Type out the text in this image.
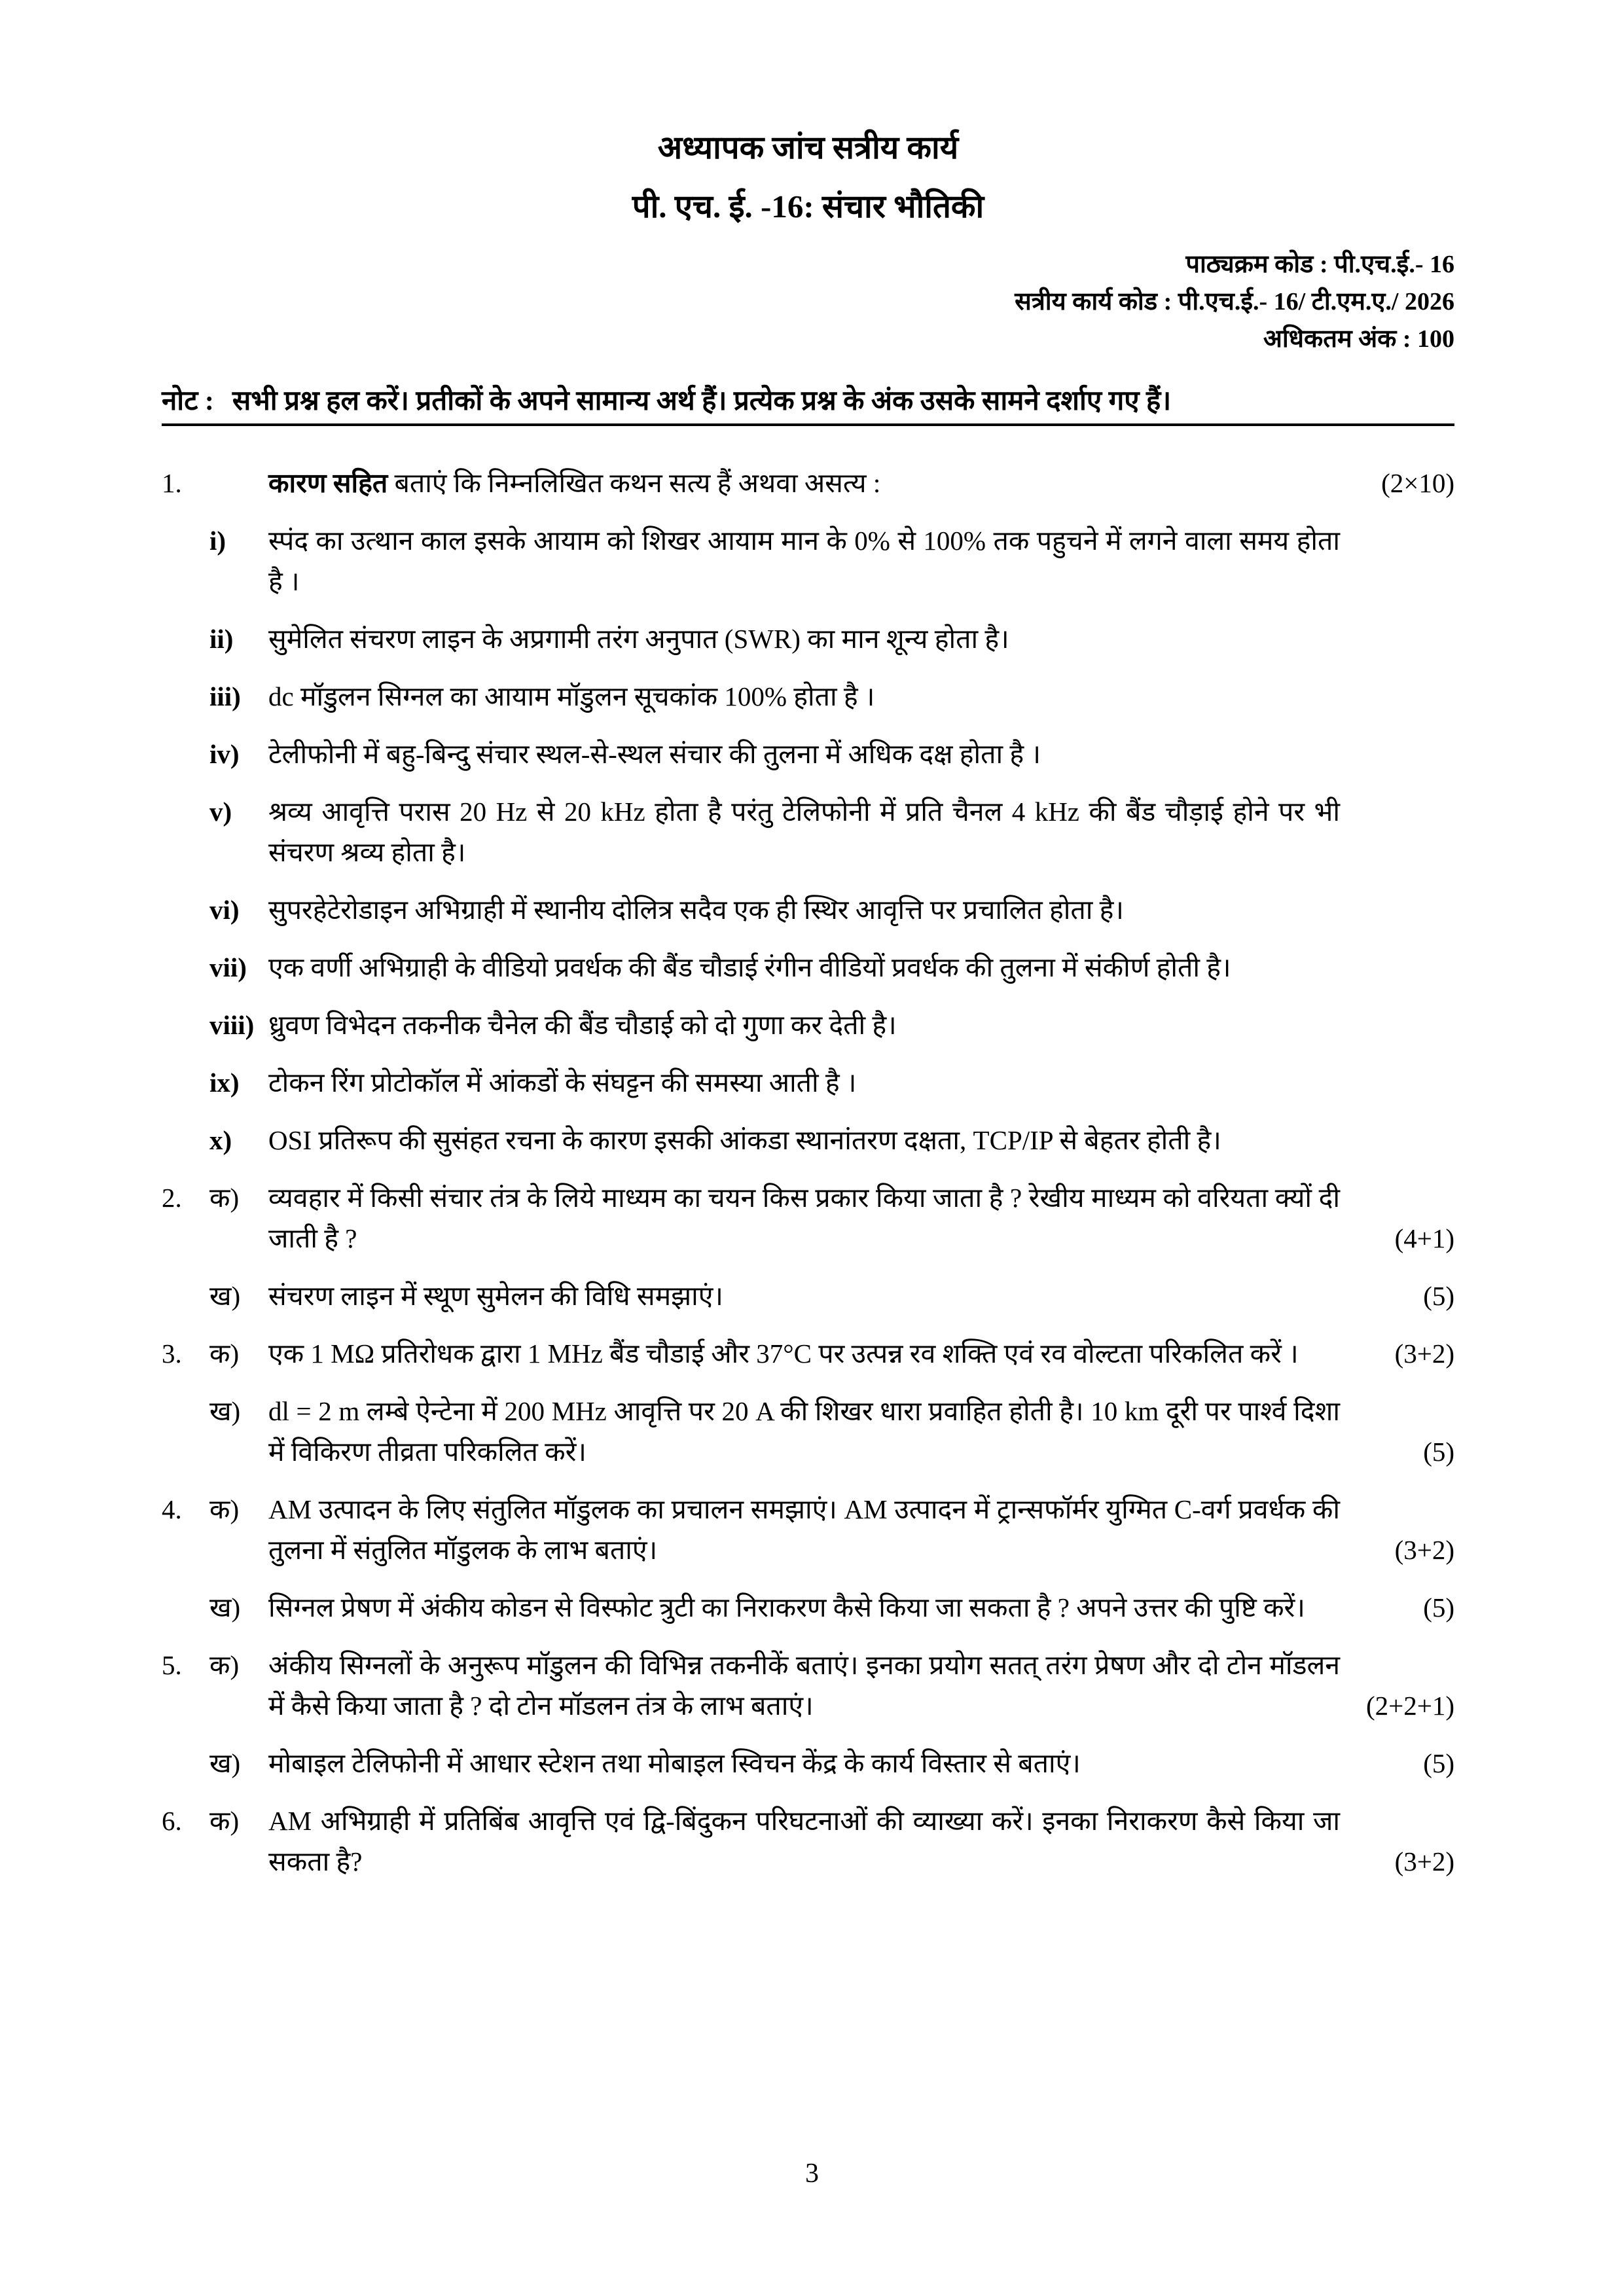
अध्यापक जांच सत्रीय कार्य
पी. एच. ई. -16: संचार भौतिकी
पाठ्यक्रम कोड : पी.एच.ई.- 16
सत्रीय कार्य कोड : पी.एच.ई.- 16/ टी.एम.ए./ 2026
अधिकतम अंक : 100
नोट : सभी प्रश्न हल करें। प्रतीकों के अपने सामान्य अर्थ हैं। प्रत्येक प्रश्न के अंक उसके सामने दर्शाए गए हैं।
1.	कारण सहित बताएं कि निम्नलिखित कथन सत्य हैं अथवा असत्य :	(2×10)
i)	स्पंद का उत्थान काल इसके आयाम को शिखर आयाम मान के 0% से 100% तक पहुचने में लगने वाला समय होता है ।
ii)	सुमेलित संचरण लाइन के अप्रगामी तरंग अनुपात (SWR) का मान शून्य होता है।
iii)	dc मॉडुलन सिग्नल का आयाम मॉडुलन सूचकांक 100% होता है ।
iv)	टेलीफोनी में बहु-बिन्दु संचार स्थल-से-स्थल संचार की तुलना में अधिक दक्ष होता है ।
v)	श्रव्य आवृत्ति परास 20 Hz से 20 kHz होता है परंतु टेलिफोनी में प्रति चैनल 4 kHz की बैंड चौड़ाई होने पर भी संचरण श्रव्य होता है।
vi)	सुपरहेटेरोडाइन अभिग्राही में स्थानीय दोलित्र सदैव एक ही स्थिर आवृत्ति पर प्रचालित होता है।
vii) एक वर्णी अभिग्राही के वीडियो प्रवर्धक की बैंड चौडाई रंगीन वीडियों प्रवर्धक की तुलना में संकीर्ण होती है।
viii) ध्रुवण विभेदन तकनीक चैनेल की बैंड चौडाई को दो गुणा कर देती है।
ix)	टोकन रिंग प्रोटोकॉल में आंकडों के संघट्टन की समस्या आती है ।
x)	OSI प्रतिरूप की सुसंहत रचना के कारण इसकी आंकडा स्थानांतरण दक्षता, TCP/IP से बेहतर होती है।
2.	क)	व्यवहार में किसी संचार तंत्र के लिये माध्यम का चयन किस प्रकार किया जाता है ? रेखीय माध्यम को वरियता क्यों दी जाती है ?	(4+1)
ख)	संचरण लाइन में स्थूण सुमेलन की विधि समझाएं।	(5)
3.	क)	एक 1 MΩ प्रतिरोधक द्वारा 1 MHz बैंड चौडाई और 37°C पर उत्पन्न रव शक्ति एवं रव वोल्टता परिकलित करें ।	(3+2)
ख)	dl = 2 m लम्बे ऐन्टेना में 200 MHz आवृत्ति पर 20 A की शिखर धारा प्रवाहित होती है। 10 km दूरी पर पार्श्व दिशा में विकिरण तीव्रता परिकलित करें।	(5)
4.	क)	AM उत्पादन के लिए संतुलित मॉडुलक का प्रचालन समझाएं। AM उत्पादन में ट्रान्सफॉर्मर युग्मित C-वर्ग प्रवर्धक की तुलना में संतुलित मॉडुलक के लाभ बताएं।	(3+2)
ख)	सिग्नल प्रेषण में अंकीय कोडन से विस्फोट त्रुटी का निराकरण कैसे किया जा सकता है ? अपने उत्तर की पुष्टि करें।	(5)
5.	क)	अंकीय सिग्नलों के अनुरूप मॉडुलन की विभिन्न तकनीकें बताएं। इनका प्रयोग सतत् तरंग प्रेषण और दो टोन मॉडलन में कैसे किया जाता है ? दो टोन मॉडलन तंत्र के लाभ बताएं।	(2+2+1)
ख)	मोबाइल टेलिफोनी में आधार स्टेशन तथा मोबाइल स्विचन केंद्र के कार्य विस्तार से बताएं।	(5)
6.	क)	AM अभिग्राही में प्रतिबिंब आवृत्ति एवं द्वि-बिंदुकन परिघटनाओं की व्याख्या करें। इनका निराकरण कैसे किया जा सकता है?	(3+2)
3
